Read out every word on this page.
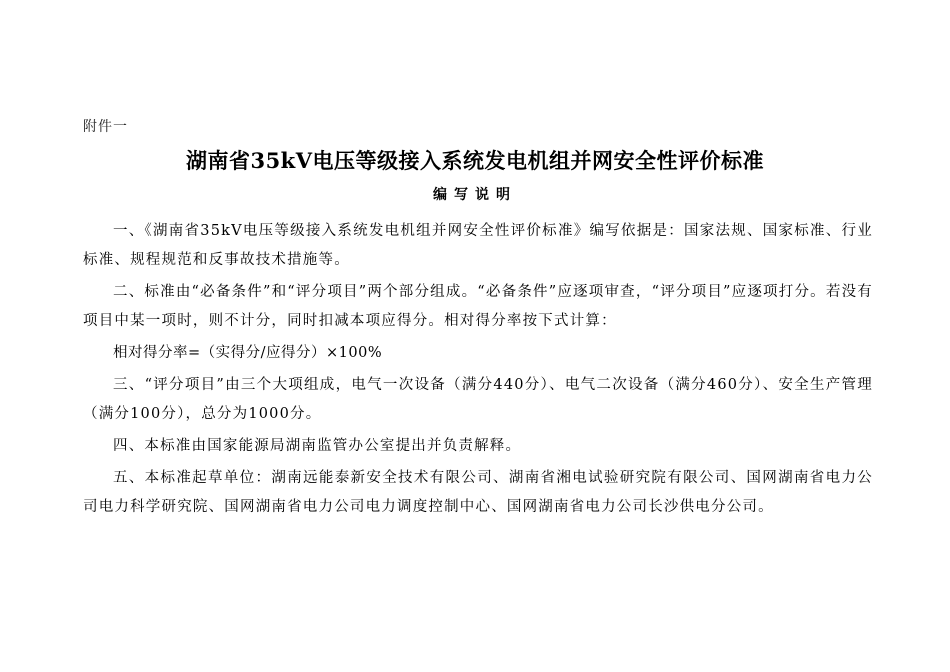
附件一
湖南省35kV电压等级接入系统发电机组并网安全性评价标准
编写说明

一、《湖南省35kV电压等级接入系统发电机组并网安全性评价标准》编写依据是：国家法规、国家标准、行业标准、规程规范和反事故技术措施等。

二、标准由“必备条件”和“评分项目”两个部分组成。“必备条件”应逐项审查，“评分项目”应逐项打分。若没有项目中某一项时，则不计分，同时扣减本项应得分。相对得分率按下式计算：

相对得分率=（实得分/应得分）×100%

三、“评分项目”由三个大项组成，电气一次设备（满分440分）、电气二次设备（满分460分）、安全生产管理（满分100分），总分为1000分。

四、本标准由国家能源局湖南监管办公室提出并负责解释。

五、本标准起草单位：湖南远能泰新安全技术有限公司、湖南省湘电试验研究院有限公司、国网湖南省电力公司电力科学研究院、国网湖南省电力公司电力调度控制中心、国网湖南省电力公司长沙供电分公司。
